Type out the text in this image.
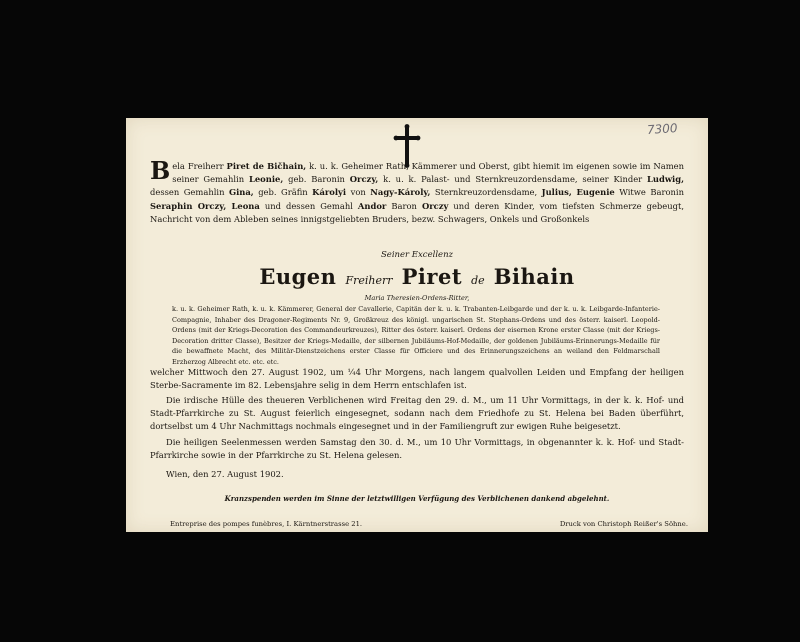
7300
B ela Freiherr Piret de Bičhain, k. u. k. Geheimer Rath, Kämmerer und Oberst, gibt hiemit im eigenen sowie im Namen seiner Gemahlin Leonie, geb. Baronin Orczy, k. u. k. Palast- und Sternkreuzordensdame, seiner Kinder Ludwig, dessen Gemahlin Gina, geb. Gräfin Károlyi von Nagy-Károly, Sternkreuzordensdame, Julius, Eugenie Witwe Baronin Seraphin Orczy, Leona und dessen Gemahl Andor Baron Orczy und deren Kinder, vom tiefsten Schmerze gebeugt, Nachricht von dem Ableben seines innigstgeliebten Bruders, bezw. Schwagers, Onkels und Großonkels
Seiner Excellenz
Eugen Freiherr Piret de Bihain
Maria Theresien-Ordens-Ritter,
k. u. k. Geheimer Rath, k. u. k. Kämmerer, General der Cavallerie, Capitän der k. u. k. Trabanten-Leibgarde und der k. u. k. Leibgarde-Infanterie-Compagnie, Inhaber des Dragoner-Regiments Nr. 9, Großkreuz des königl. ungarischen St. Stephans-Ordens und des österr. kaiserl. Leopold-Ordens (mit der Kriegs-Decoration des Commandeurkreuzes), Ritter des österr. kaiserl. Ordens der eisernen Krone erster Classe (mit der Kriegs-Decoration dritter Classe), Besitzer der Kriegs-Medaille, der silbernen Jubiläums-Hof-Medaille, der goldenen Jubiläums-Erinnerungs-Medaille für die bewaffnete Macht, des Militär-Dienstzeichens erster Classe für Officiere und des Erinnerungszeichens an weiland den Feldmarschall Erzherzog Albrecht etc. etc. etc.
welcher Mittwoch den 27. August 1902, um ¼4 Uhr Morgens, nach langem qualvollen Leiden und Empfang der heiligen Sterbe-Sacramente im 82. Lebensjahre selig in dem Herrn entschlafen ist.
Die irdische Hülle des theueren Verblichenen wird Freitag den 29. d. M., um 11 Uhr Vormittags, in der k. k. Hof- und Stadt-Pfarrkirche zu St. August feierlich eingesegnet, sodann nach dem Friedhofe zu St. Helena bei Baden überführt, dortselbst um 4 Uhr Nachmittags nochmals eingesegnet und in der Familiengruft zur ewigen Ruhe beigesetzt.
Die heiligen Seelenmessen werden Samstag den 30. d. M., um 10 Uhr Vormittags, in obgenannter k. k. Hof- und Stadt-Pfarrkirche sowie in der Pfarrkirche zu St. Helena gelesen.
Wien, den 27. August 1902.
Kranzspenden werden im Sinne der letztwilligen Verfügung des Verblichenen dankend abgelehnt.
Entreprise des pompes funèbres, I. Kärntnerstrasse 21.	Druck von Christoph Reißer's Söhne.
